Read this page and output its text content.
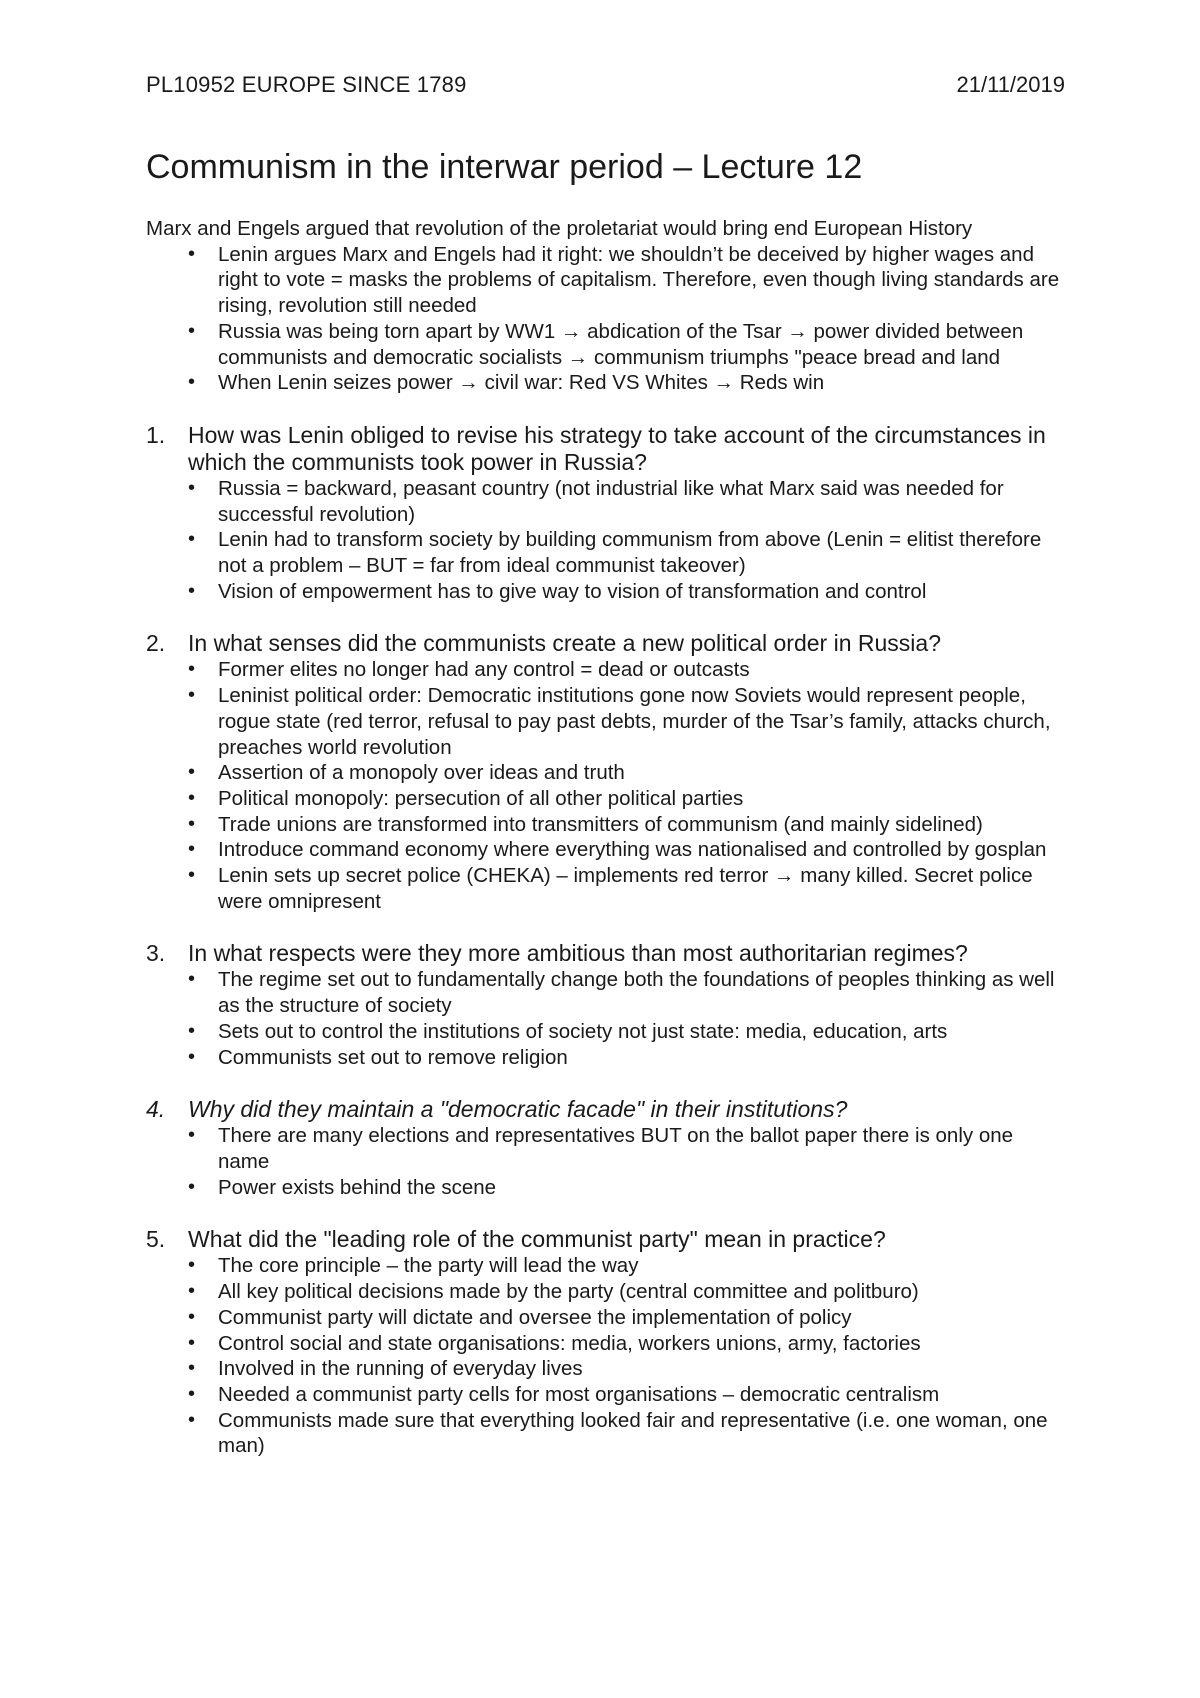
PL10952 EUROPE SINCE 1789	21/11/2019
Communism in the interwar period – Lecture 12

Marx and Engels argued that revolution of the proletariat would bring end European History

• Lenin argues Marx and Engels had it right: we shouldn’t be deceived by higher wages and right to vote = masks the problems of capitalism. Therefore, even though living standards are rising, revolution still needed
• Russia was being torn apart by WW1 → abdication of the Tsar → power divided between communists and democratic socialists → communism triumphs "peace bread and land
• When Lenin seizes power → civil war: Red VS Whites → Reds win
1. How was Lenin obliged to revise his strategy to take account of the circumstances in which the communists took power in Russia?
• Russia = backward, peasant country (not industrial like what Marx said was needed for successful revolution)
• Lenin had to transform society by building communism from above (Lenin = elitist therefore not a problem – BUT = far from ideal communist takeover)
• Vision of empowerment has to give way to vision of transformation and control
2. In what senses did the communists create a new political order in Russia?
• Former elites no longer had any control = dead or outcasts
• Leninist political order: Democratic institutions gone now Soviets would represent people, rogue state (red terror, refusal to pay past debts, murder of the Tsar’s family, attacks church, preaches world revolution
• Assertion of a monopoly over ideas and truth
• Political monopoly: persecution of all other political parties
• Trade unions are transformed into transmitters of communism (and mainly sidelined)
• Introduce command economy where everything was nationalised and controlled by gosplan
• Lenin sets up secret police (CHEKA) – implements red terror → many killed. Secret police were omnipresent
3. In what respects were they more ambitious than most authoritarian regimes?
• The regime set out to fundamentally change both the foundations of peoples thinking as well as the structure of society
• Sets out to control the institutions of society not just state: media, education, arts
• Communists set out to remove religion
4. Why did they maintain a "democratic facade" in their institutions?
• There are many elections and representatives BUT on the ballot paper there is only one name
• Power exists behind the scene
5. What did the "leading role of the communist party" mean in practice?
• The core principle – the party will lead the way
• All key political decisions made by the party (central committee and politburo)
• Communist party will dictate and oversee the implementation of policy
• Control social and state organisations: media, workers unions, army, factories
• Involved in the running of everyday lives
• Needed a communist party cells for most organisations – democratic centralism
• Communists made sure that everything looked fair and representative (i.e. one woman, one man)
